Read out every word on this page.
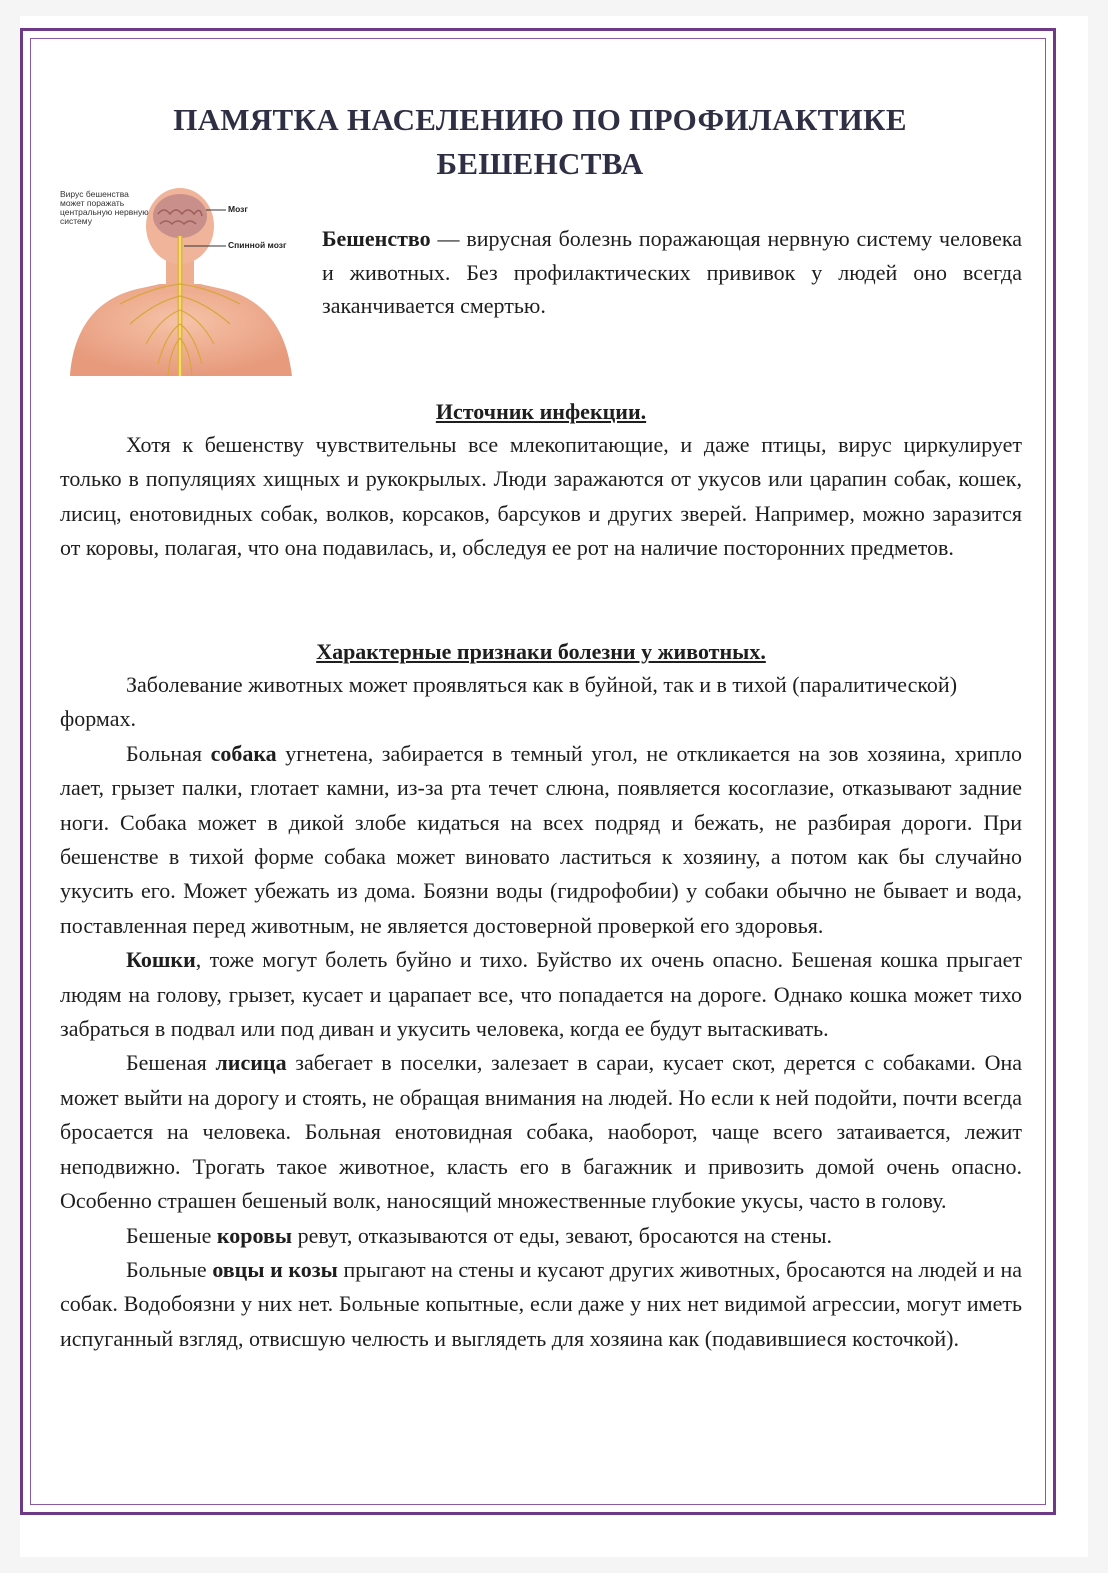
ПАМЯТКА НАСЕЛЕНИЮ ПО ПРОФИЛАКТИКЕ
БЕШЕНСТВА
Вирус бешенства может поражать центральную нервную систему
Мозг
Спинной мозг Бешенство — вирусная болезнь поражающая нервную систему человека и животных. Без профилактических прививок у людей оно всегда заканчивается смертью.
Источник инфекции.

Хотя к бешенству чувствительны все млекопитающие, и даже птицы, вирус циркулирует только в популяциях хищных и рукокрылых. Люди заражаются от укусов или царапин собак, кошек, лисиц, енотовидных собак, волков, корсаков, барсуков и других зверей. Например, можно заразится от коровы, полагая, что она подавилась, и, обследуя ее рот на наличие посторонних предметов.

Характерные признаки болезни у животных.

Заболевание животных может проявляться как в буйной, так и в тихой (паралитической) формах.

Больная собака угнетена, забирается в темный угол, не откликается на зов хозяина, хрипло лает, грызет палки, глотает камни, из-за рта течет слюна, появляется косоглазие, отказывают задние ноги. Собака может в дикой злобе кидаться на всех подряд и бежать, не разбирая дороги. При бешенстве в тихой форме собака может виновато ластиться к хозяину, а потом как бы случайно укусить его. Может убежать из дома. Боязни воды (гидрофобии) у собаки обычно не бывает и вода, поставленная перед животным, не является достоверной проверкой его здоровья.

Кошки, тоже могут болеть буйно и тихо. Буйство их очень опасно. Бешеная кошка прыгает людям на голову, грызет, кусает и царапает все, что попадается на дороге. Однако кошка может тихо забраться в подвал или под диван и укусить человека, когда ее будут вытаскивать.

Бешеная лисица забегает в поселки, залезает в сараи, кусает скот, дерется с собаками. Она может выйти на дорогу и стоять, не обращая внимания на людей. Но если к ней подойти, почти всегда бросается на человека. Больная енотовидная собака, наоборот, чаще всего затаивается, лежит неподвижно. Трогать такое животное, класть его в багажник и привозить домой очень опасно. Особенно страшен бешеный волк, наносящий множественные глубокие укусы, часто в голову.

Бешеные коровы ревут, отказываются от еды, зевают, бросаются на стены.

Больные овцы и козы прыгают на стены и кусают других животных, бросаются на людей и на собак. Водобоязни у них нет. Больные копытные, если даже у них нет видимой агрессии, могут иметь испуганный взгляд, отвисшую челюсть и выглядеть для хозяина как (подавившиеся косточкой).
